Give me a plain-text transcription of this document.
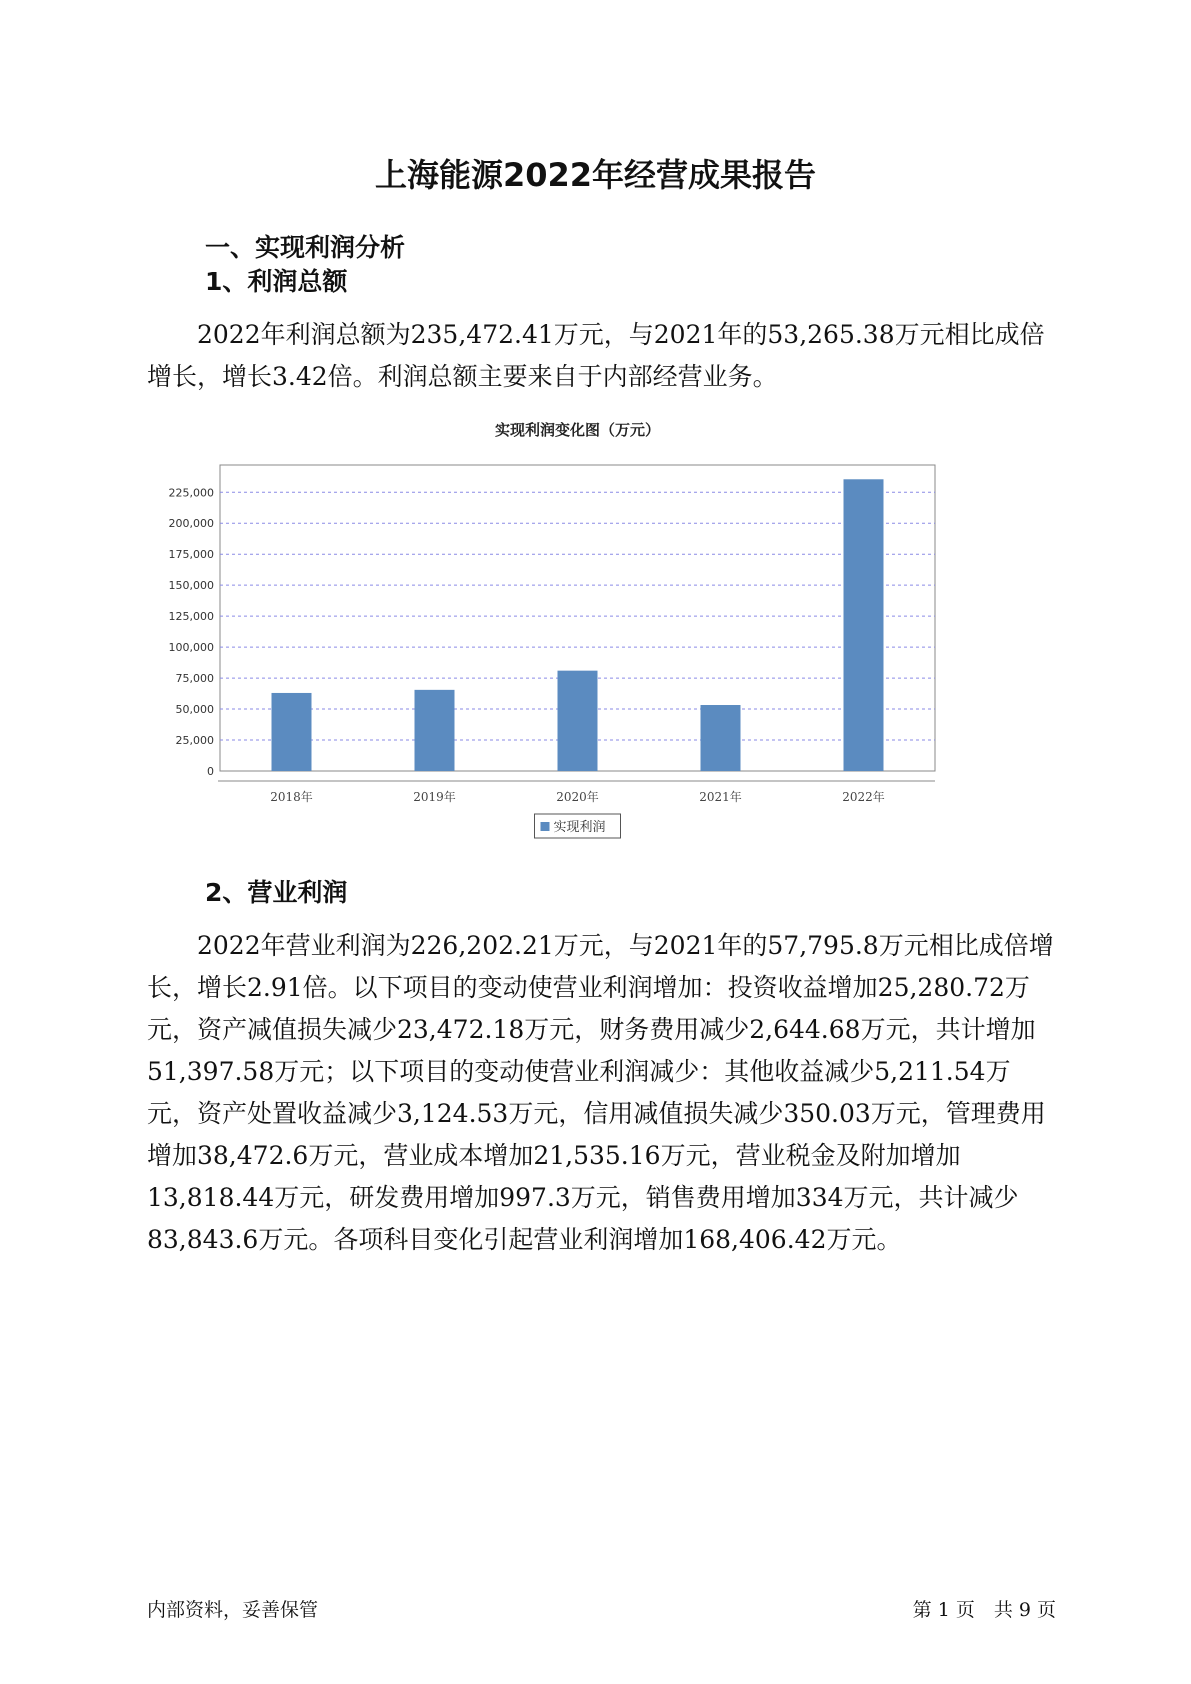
上海能源2022年经营成果报告
一、实现利润分析
1、利润总额

2022年利润总额为235,472.41万元，与2021年的53,265.38万元相比成倍增长，增长3.42倍。利润总额主要来自于内部经营业务。

实现利润变化图（万元）
0
25,000
50,000
75,000
100,000
125,000
150,000
175,000
200,000
225,000
2018年	2019年	2020年	2021年	2022年
实现利润
2、营业利润

2022年营业利润为226,202.21万元，与2021年的57,795.8万元相比成倍增长，增长2.91倍。以下项目的变动使营业利润增加：投资收益增加25,280.72万元，资产减值损失减少23,472.18万元，财务费用减少2,644.68万元，共计增加51,397.58万元；以下项目的变动使营业利润减少：其他收益减少5,211.54万元，资产处置收益减少3,124.53万元，信用减值损失减少350.03万元，管理费用增加38,472.6万元，营业成本增加21,535.16万元，营业税金及附加增加13,818.44万元，研发费用增加997.3万元，销售费用增加334万元，共计减少83,843.6万元。各项科目变化引起营业利润增加168,406.42万元。

内部资料，妥善保管	第 1 页　共 9 页
